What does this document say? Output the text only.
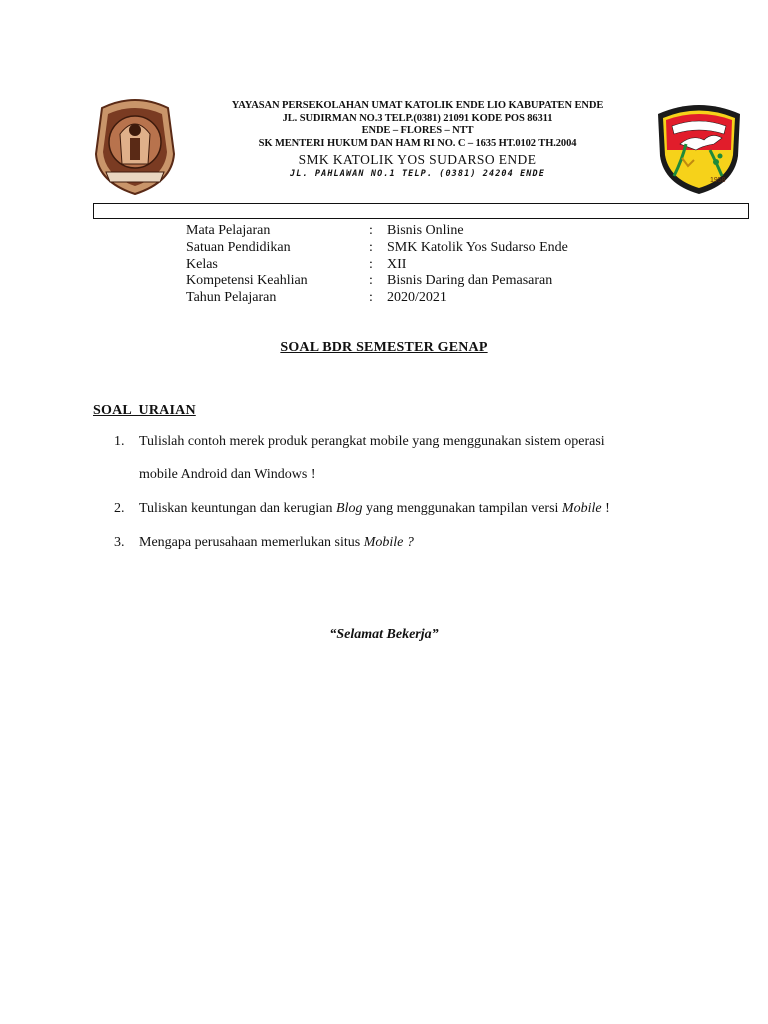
1958
YAYASAN PERSEKOLAHAN UMAT KATOLIK ENDE LIO KABUPATEN ENDE
JL. SUDIRMAN NO.3 TELP.(0381) 21091 KODE POS 86311
ENDE – FLORES – NTT
SK MENTERI HUKUM DAN HAM RI NO. C – 1635 HT.0102 TH.2004
SMK KATOLIK YOS SUDARSO ENDE
JL. PAHLAWAN NO.1 TELP. (0381) 24204 ENDE
Mata Pelajaran	:	Bisnis Online
Satuan Pendidikan	:	SMK Katolik Yos Sudarso Ende
Kelas	:	XII
Kompetensi Keahlian	:	Bisnis Daring dan Pemasaran
Tahun Pelajaran	:	2020/2021
SOAL BDR SEMESTER GENAP
SOAL  URAIAN
1. Tulislah contoh merek produk perangkat mobile yang menggunakan sistem operasi
mobile Android dan Windows !
2. Tuliskan keuntungan dan kerugian Blog yang menggunakan tampilan versi Mobile !
3. Mengapa perusahaan memerlukan situs Mobile ?
“Selamat Bekerja”
